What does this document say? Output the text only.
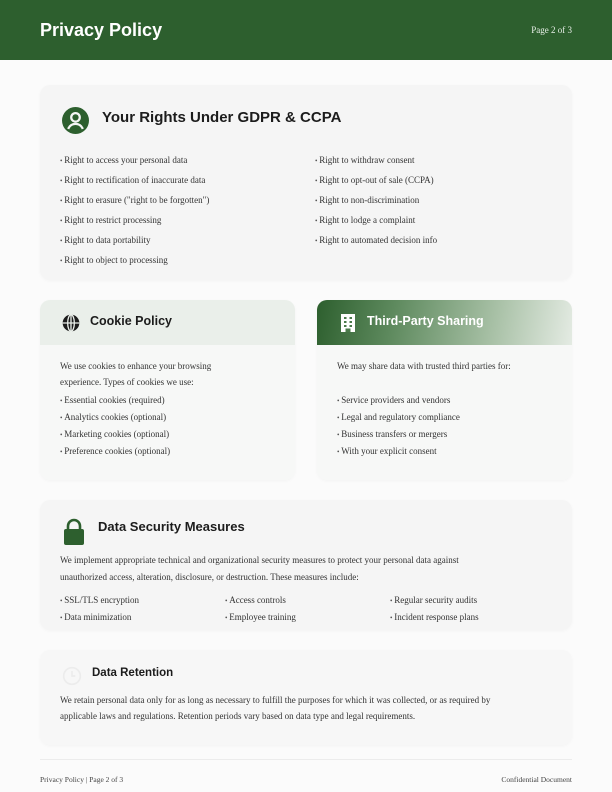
Privacy Policy	Page 2 of 3
Your Rights Under GDPR & CCPA
• Right to access your personal data
• Right to rectification of inaccurate data
• Right to erasure ("right to be forgotten")
• Right to restrict processing
• Right to data portability
• Right to object to processing
• Right to withdraw consent
• Right to opt-out of sale (CCPA)
• Right to non-discrimination
• Right to lodge a complaint
• Right to automated decision info
Cookie Policy
We use cookies to enhance your browsing
experience. Types of cookies we use:
• Essential cookies (required)
• Analytics cookies (optional)
• Marketing cookies (optional)
• Preference cookies (optional)
Third-Party Sharing
We may share data with trusted third parties for:
• Service providers and vendors
• Legal and regulatory compliance
• Business transfers or mergers
• With your explicit consent
Data Security Measures
We implement appropriate technical and organizational security measures to protect your personal data against
unauthorized access, alteration, disclosure, or destruction. These measures include:
• SSL/TLS encryption	• Access controls	• Regular security audits
• Data minimization	• Employee training	• Incident response plans
Data Retention
We retain personal data only for as long as necessary to fulfill the purposes for which it was collected, or as required by
applicable laws and regulations. Retention periods vary based on data type and legal requirements.
Privacy Policy | Page 2 of 3	Confidential Document
